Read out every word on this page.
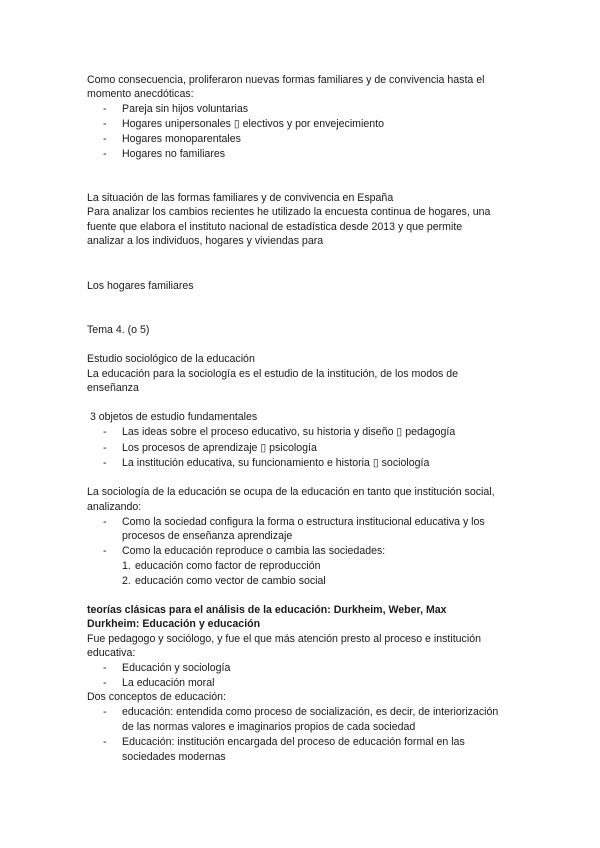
Como consecuencia, proliferaron nuevas formas familiares y de convivencia hasta el
momento anecdóticas:
- Pareja sin hijos voluntarias
- Hogares unipersonales ▯ electivos y por envejecimiento
- Hogares monoparentales
- Hogares no familiares
La situación de las formas familiares y de convivencia en España
Para analizar los cambios recientes he utilizado la encuesta continua de hogares, una
fuente que elabora el instituto nacional de estadística desde 2013 y que permite
analizar a los individuos, hogares y viviendas para
Los hogares familiares
Tema 4. (o 5)
Estudio sociológico de la educación
La educación para la sociología es el estudio de la institución, de los modos de
enseñanza
3 objetos de estudio fundamentales
- Las ideas sobre el proceso educativo, su historia y diseño ▯ pedagogía
- Los procesos de aprendizaje ▯ psicología
- La institución educativa, su funcionamiento e historia ▯ sociología
La sociología de la educación se ocupa de la educación en tanto que institución social,
analizando:
- Como la sociedad configura la forma o estructura institucional educativa y los
procesos de enseñanza aprendizaje
- Como la educación reproduce o cambia las sociedades:
1. educación como factor de reproducción
2. educación como vector de cambio social
teorías clásicas para el análisis de la educación: Durkheim, Weber, Max
Durkheim: Educación y educación
Fue pedagogo y sociólogo, y fue el que más atención presto al proceso e institución
educativa:
- Educación y sociología
- La educación moral
Dos conceptos de educación:
- educación: entendida como proceso de socialización, es decir, de interiorización
de las normas valores e imaginarios propios de cada sociedad
- Educación: institución encargada del proceso de educación formal en las
sociedades modernas
